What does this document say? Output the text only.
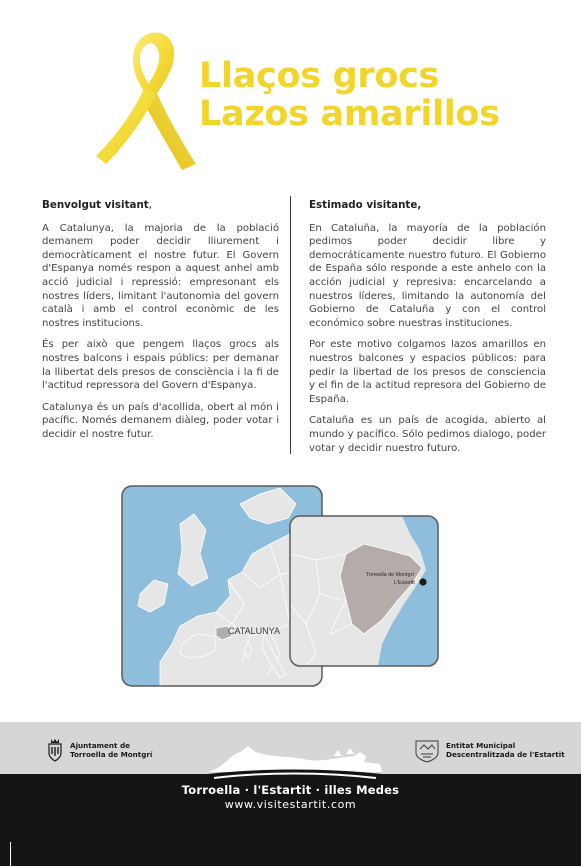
Llaços grocs
Lazos amarillos
Benvolgut visitant,

A Catalunya, la majoria de la població demanem poder decidir lliurement i democràticament el nostre futur. El Govern d'Espanya només respon a aquest anhel amb acció judicial i repressió: empresonant els nostres líders, limitant l'autonomia del govern català i amb el control econòmic de les nostres institucions.

És per això que pengem llaços grocs als nostres balcons i espais públics: per demanar la llibertat dels presos de consciència i la fi de l'actitud repressora del Govern d'Espanya.

Catalunya és un país d'acollida, obert al món i pacífic. Només demanem diàleg, poder votar i decidir el nostre futur.

Estimado visitante,

En Cataluña, la mayoría de la población pedimos poder decidir libre y democráticamente nuestro futuro. El Gobierno de España sólo responde a este anhelo con la acción judicial y represiva: encarcelando a nuestros líderes, limitando la autonomía del Gobierno de Cataluña y con el control económico sobre nuestras instituciones.

Por este motivo colgamos lazos amarillos en nuestros balcones y espacios públicos: para pedir la libertad de los presos de consciencia y el fin de la actitud represora del Gobierno de España.

Cataluña es un país de acogida, abierto al mundo y pacífico. Sólo pedimos dialogo, poder votar y decidir nuestro futuro.

CATALUNYA
Torroella de Montgrí
L'Estartit
Ajuntament de
Torroella de Montgrí
Torroella · l'Estartit · illes Medes
www.visitestartit.com
Entitat Municipal
Descentralitzada de l'Estartit
